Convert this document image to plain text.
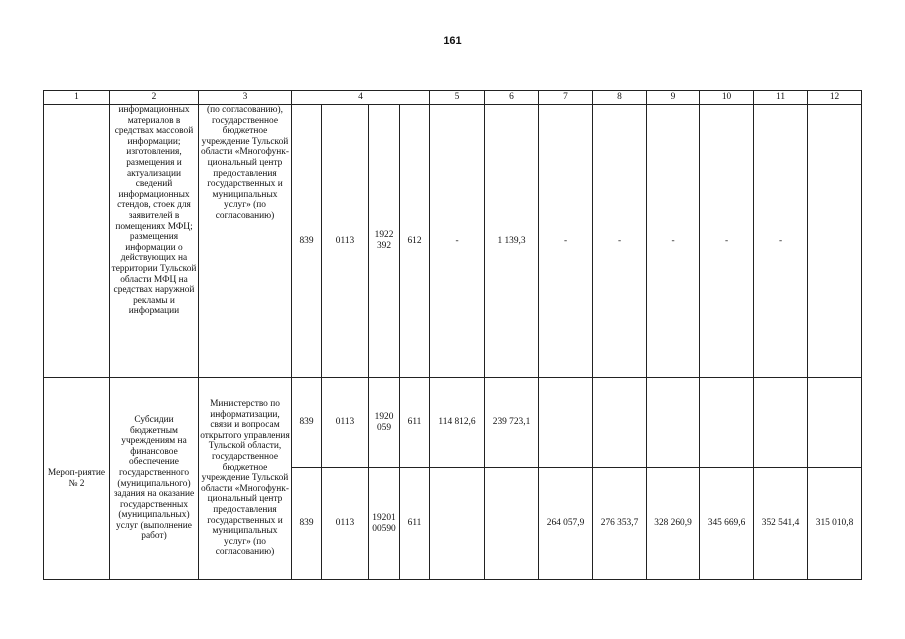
161
1	2	3	4				5	6	7	8	9	10	11	12
	информационных материалов в средствах массовой информации; изготовления, размещения и актуализации сведений информационных стендов, стоек для заявителей в помещениях МФЦ; размещения информации о действующих на территории Тульской области МФЦ на средствах наружной рекламы и информации	(по согласованию), государственное бюджетное учреждение Тульской области «Многофунк-циональный центр предоставления государственных и муниципальных услуг» (по согласованию)	839	0113	1922 392	612	-	1 139,3	-	-	-	-	-	
Мероп-риятие № 2	Субсидии бюджетным учреждениям на финансовое обеспечение государственного (муниципального) задания на оказание государственных (муниципальных) услуг (выполнение работ)	Министерство по информатизации, связи и вопросам открытого управления Тульской области, государственное бюджетное учреждение Тульской области «Многофунк-циональный центр предоставления государственных и муниципальных услуг» (по согласованию)	839	0113	1920 059	611	114 812,6	239 723,1						
			839	0113	19201 00590	611			264 057,9	276 353,7	328 260,9	345 669,6	352 541,4	315 010,8
